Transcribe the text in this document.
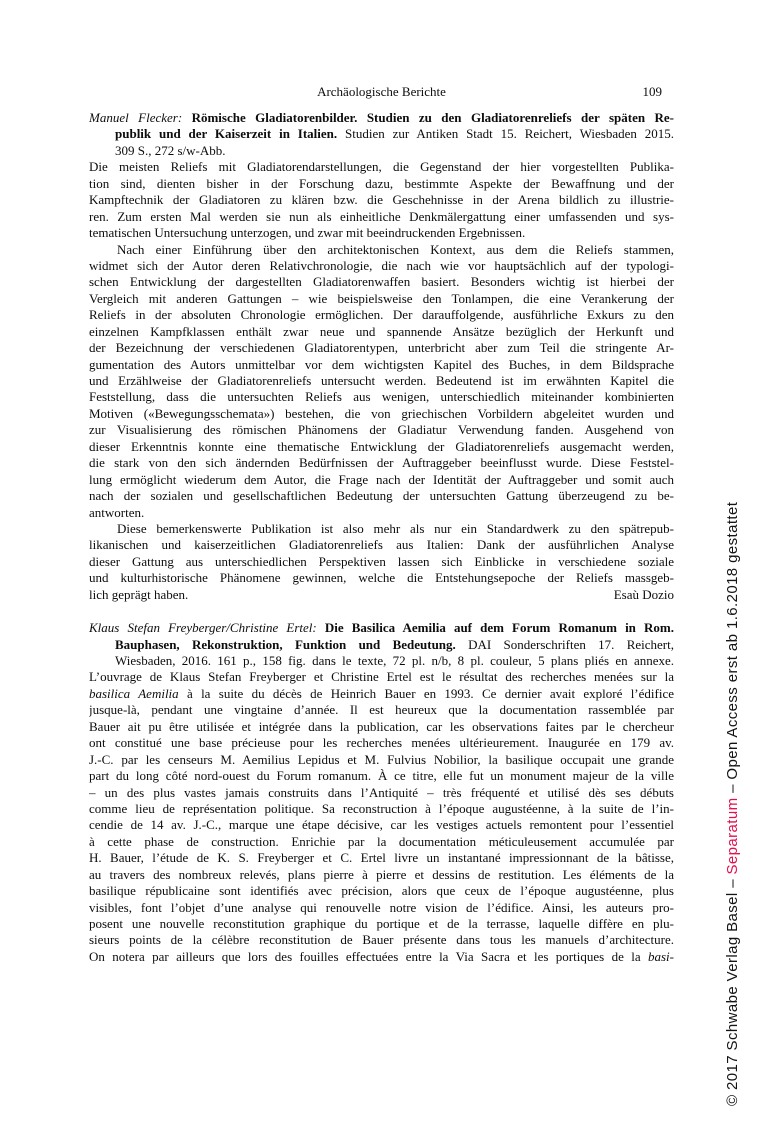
Archäologische Berichte	109
Manuel Flecker: Römische Gladiatorenbilder. Studien zu den Gladiatorenreliefs der späten Re-
publik und der Kaiserzeit in Italien. Studien zur Antiken Stadt 15. Reichert, Wiesbaden 2015.
309 S., 272 s/w-Abb.
Die meisten Reliefs mit Gladiatorendarstellungen, die Gegenstand der hier vorgestellten Publika-
tion sind, dienten bisher in der Forschung dazu, bestimmte Aspekte der Bewaffnung und der
Kampftechnik der Gladiatoren zu klären bzw. die Geschehnisse in der Arena bildlich zu illustrie-
ren. Zum ersten Mal werden sie nun als einheitliche Denkmälergattung einer umfassenden und sys-
tematischen Untersuchung unterzogen, und zwar mit beeindruckenden Ergebnissen.
Nach einer Einführung über den architektonischen Kontext, aus dem die Reliefs stammen,
widmet sich der Autor deren Relativchronologie, die nach wie vor hauptsächlich auf der typologi-
schen Entwicklung der dargestellten Gladiatorenwaffen basiert. Besonders wichtig ist hierbei der
Vergleich mit anderen Gattungen – wie beispielsweise den Tonlampen, die eine Verankerung der
Reliefs in der absoluten Chronologie ermöglichen. Der darauffolgende, ausführliche Exkurs zu den
einzelnen Kampfklassen enthält zwar neue und spannende Ansätze bezüglich der Herkunft und
der Bezeichnung der verschiedenen Gladiatorentypen, unterbricht aber zum Teil die stringente Ar-
gumentation des Autors unmittelbar vor dem wichtigsten Kapitel des Buches, in dem Bildsprache
und Erzählweise der Gladiatorenreliefs untersucht werden. Bedeutend ist im erwähnten Kapitel die
Feststellung, dass die untersuchten Reliefs aus wenigen, unterschiedlich miteinander kombinierten
Motiven («Bewegungsschemata») bestehen, die von griechischen Vorbildern abgeleitet wurden und
zur Visualisierung des römischen Phänomens der Gladiatur Verwendung fanden. Ausgehend von
dieser Erkenntnis konnte eine thematische Entwicklung der Gladiatorenreliefs ausgemacht werden,
die stark von den sich ändernden Bedürfnissen der Auftraggeber beeinflusst wurde. Diese Feststel-
lung ermöglicht wiederum dem Autor, die Frage nach der Identität der Auftraggeber und somit auch
nach der sozialen und gesellschaftlichen Bedeutung der untersuchten Gattung überzeugend zu be-
antworten.
Diese bemerkenswerte Publikation ist also mehr als nur ein Standardwerk zu den spätrepub-
likanischen und kaiserzeitlichen Gladiatorenreliefs aus Italien: Dank der ausführlichen Analyse
dieser Gattung aus unterschiedlichen Perspektiven lassen sich Einblicke in verschiedene soziale
und kulturhistorische Phänomene gewinnen, welche die Entstehungsepoche der Reliefs massgeb-
lich geprägt haben.	Esaù Dozio
Klaus Stefan Freyberger/Christine Ertel: Die Basilica Aemilia auf dem Forum Romanum in Rom.
Bauphasen, Rekonstruktion, Funktion und Bedeutung. DAI Sonderschriften 17. Reichert,
Wiesbaden, 2016. 161 p., 158 fig. dans le texte, 72 pl. n/b, 8 pl. couleur, 5 plans pliés en annexe.
L’ouvrage de Klaus Stefan Freyberger et Christine Ertel est le résultat des recherches menées sur la
basilica Aemilia à la suite du décès de Heinrich Bauer en 1993. Ce dernier avait exploré l’édifice
jusque-là, pendant une vingtaine d’année. Il est heureux que la documentation rassemblée par
Bauer ait pu être utilisée et intégrée dans la publication, car les observations faites par le chercheur
ont constitué une base précieuse pour les recherches menées ultérieurement. Inaugurée en 179 av.
J.-C. par les censeurs M. Aemilius Lepidus et M. Fulvius Nobilior, la basilique occupait une grande
part du long côté nord-ouest du Forum romanum. À ce titre, elle fut un monument majeur de la ville
– un des plus vastes jamais construits dans l’Antiquité – très fréquenté et utilisé dès ses débuts
comme lieu de représentation politique. Sa reconstruction à l’époque augustéenne, à la suite de l’in-
cendie de 14 av. J.-C., marque une étape décisive, car les vestiges actuels remontent pour l’essentiel
à cette phase de construction. Enrichie par la documentation méticuleusement accumulée par
H. Bauer, l’étude de K. S. Freyberger et C. Ertel livre un instantané impressionnant de la bâtisse,
au travers des nombreux relevés, plans pierre à pierre et dessins de restitution. Les éléments de la
basilique républicaine sont identifiés avec précision, alors que ceux de l’époque augustéenne, plus
visibles, font l’objet d’une analyse qui renouvelle notre vision de l’édifice. Ainsi, les auteurs pro-
posent une nouvelle reconstitution graphique du portique et de la terrasse, laquelle diffère en plu-
sieurs points de la célèbre reconstitution de Bauer présente dans tous les manuels d’architecture.
On notera par ailleurs que lors des fouilles effectuées entre la Via Sacra et les portiques de la basi-	© 2017 Schwabe Verlag Basel – Separatum – Open Access erst ab 1.6.2018 gestattet
